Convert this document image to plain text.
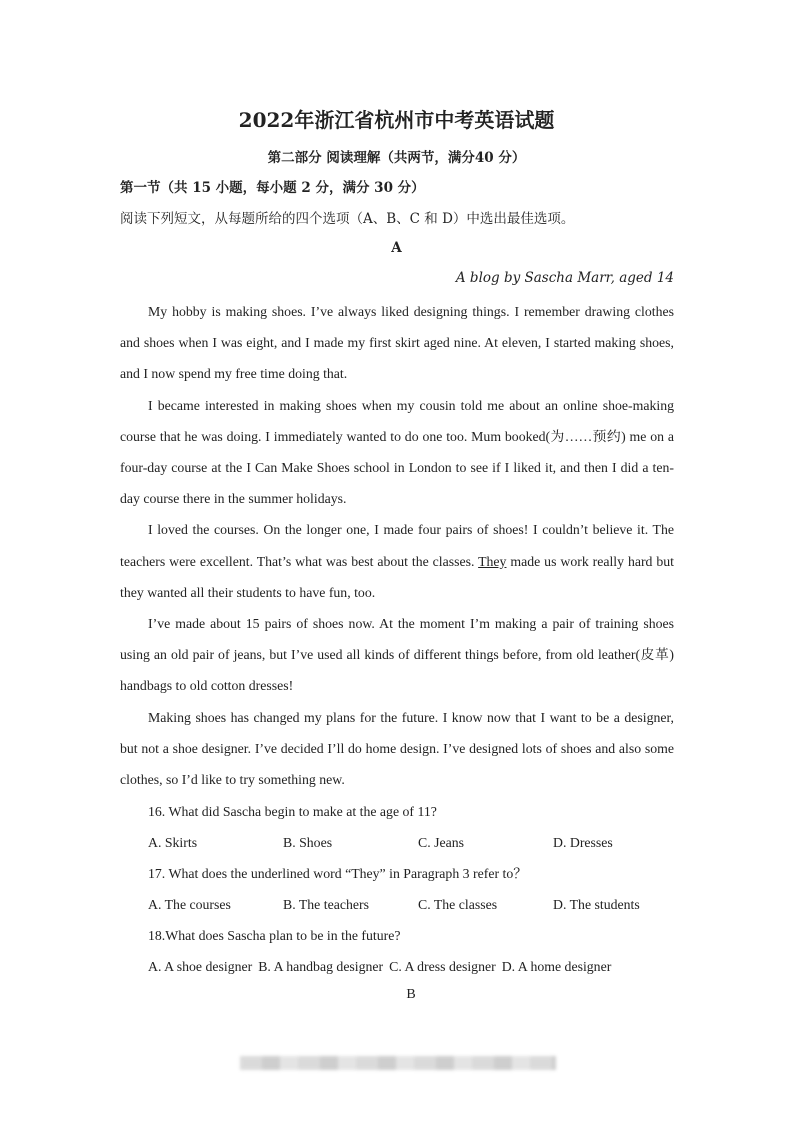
2022年浙江省杭州市中考英语试题
第二部分 阅读理解（共两节，满分40 分）
第一节（共 15 小题，每小题 2 分，满分 30 分）
阅读下列短文，从每题所给的四个选项（A、B、C 和 D）中选出最佳选项。
A
A blog by Sascha Marr, aged 14

My hobby is making shoes. I’ve always liked designing things. I remember drawing clothes and shoes when I was eight, and I made my first skirt aged nine. At eleven, I started making shoes, and I now spend my free time doing that.

I became interested in making shoes when my cousin told me about an online shoe-making course that he was doing. I immediately wanted to do one too. Mum booked(为……预约) me on a four-day course at the I Can Make Shoes school in London to see if I liked it, and then I did a ten-day course there in the summer holidays.

I loved the courses. On the longer one, I made four pairs of shoes! I couldn’t believe it. The teachers were excellent. That’s what was best about the classes. They made us work really hard but they wanted all their students to have fun, too.

I’ve made about 15 pairs of shoes now. At the moment I’m making a pair of training shoes using an old pair of jeans, but I’ve used all kinds of different things before, from old leather(皮革) handbags to old cotton dresses!

Making shoes has changed my plans for the future. I know now that I want to be a designer, but not a shoe designer. I’ve decided I’ll do home design. I’ve designed lots of shoes and also some clothes, so I’d like to try something new.

16. What did Sascha begin to make at the age of 11?
A. Skirts	B. Shoes	C. Jeans	D. Dresses
17. What does the underlined word “They” in Paragraph 3 refer to？
A. The courses	B. The teachers	C. The classes	D. The students
18.What does Sascha plan to be in the future?
A. A shoe designer B. A handbag designer C. A dress designer D. A home designer
B
